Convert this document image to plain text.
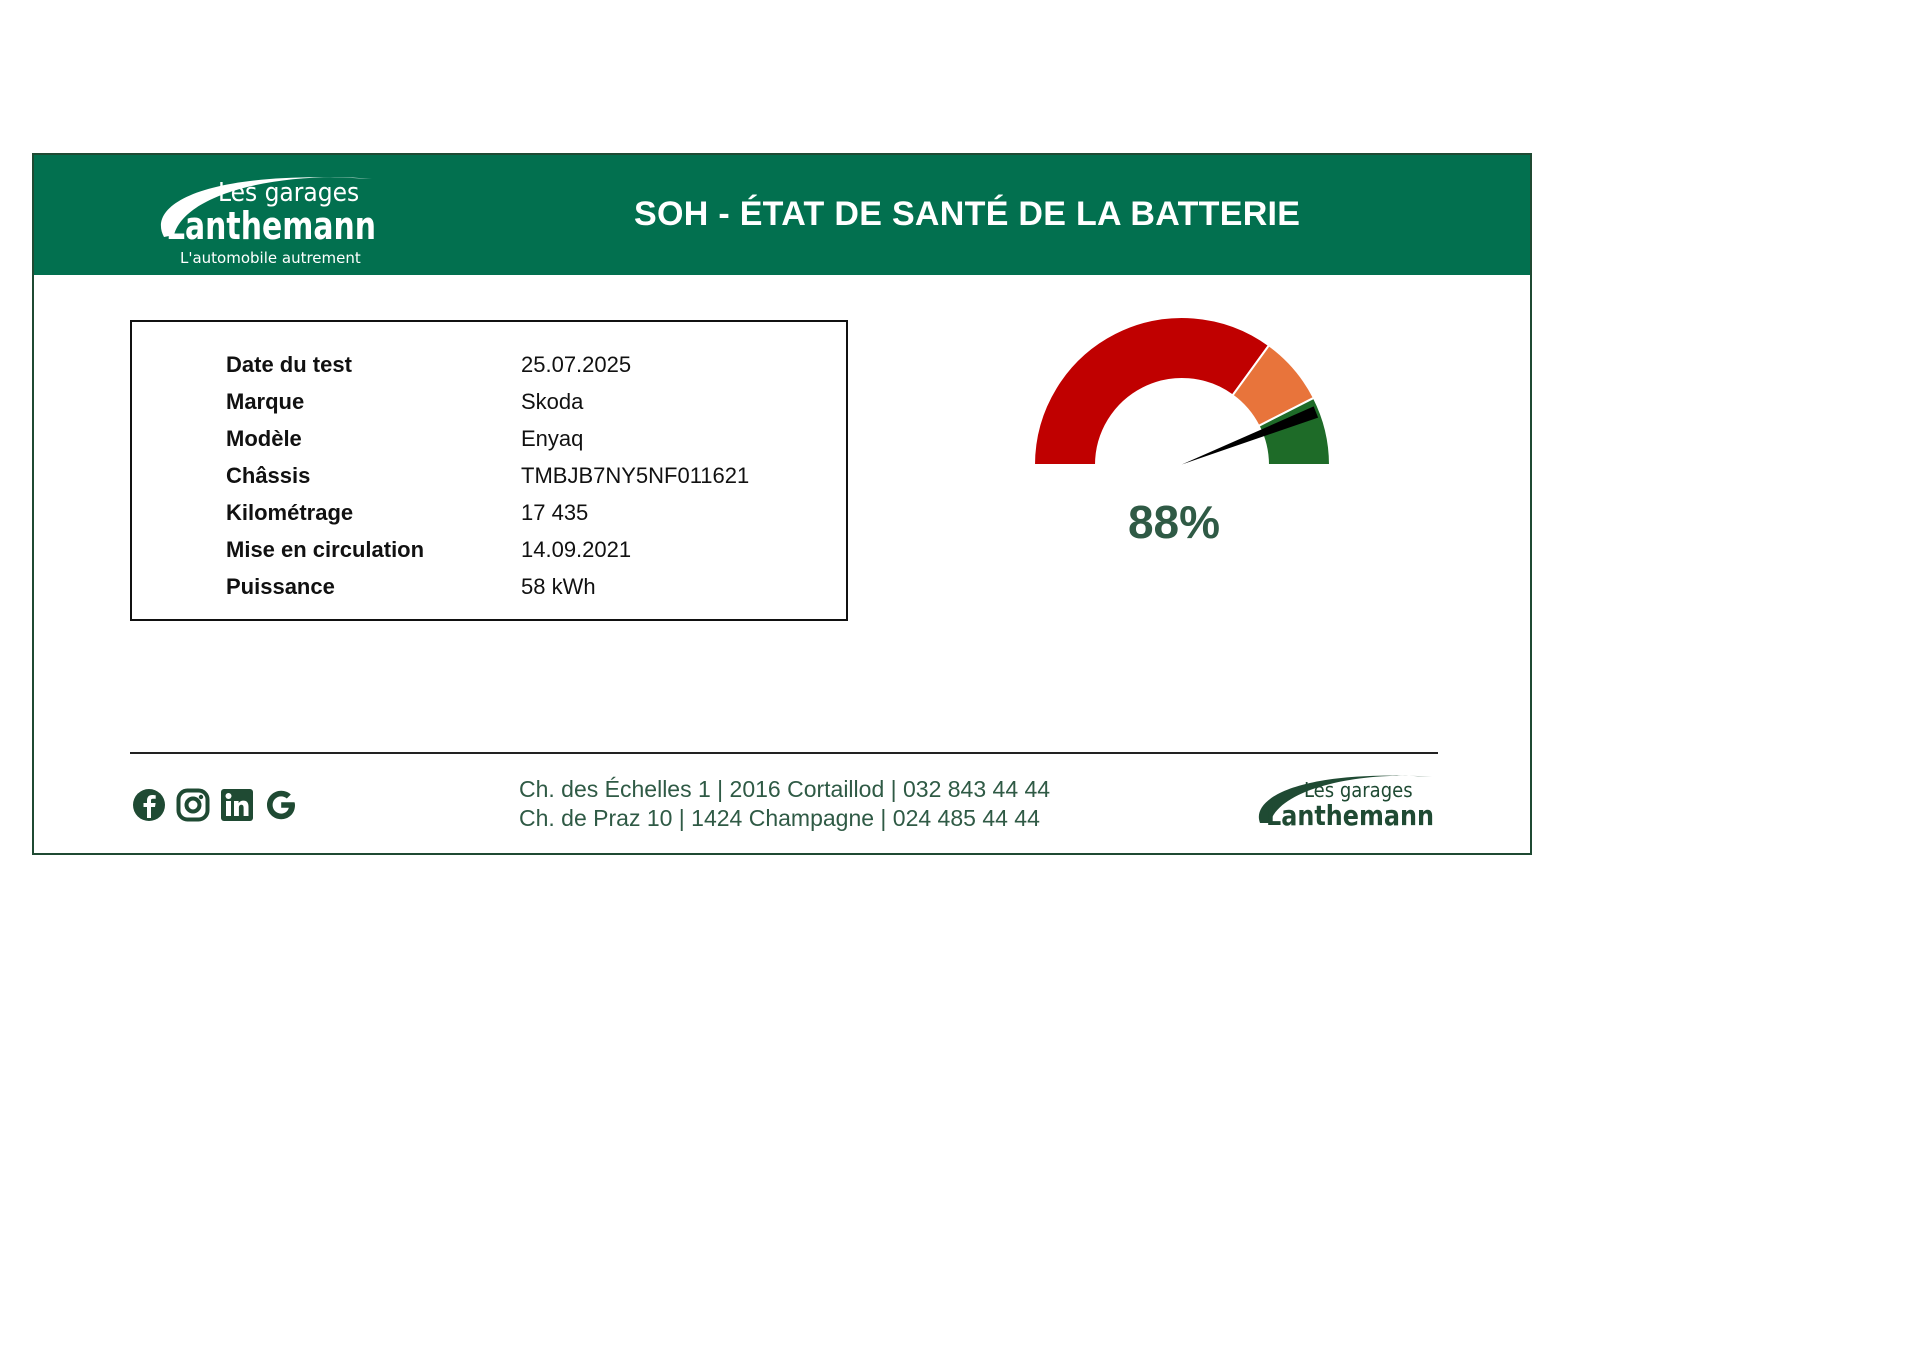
Les garages
Lanthemann
L'automobile autrement
SOH - ÉTAT DE SANTÉ DE LA BATTERIE
Date du test	25.07.2025
Marque	Skoda
Modèle	Enyaq
Châssis	TMBJB7NY5NF011621
Kilométrage	17 435
Mise en circulation	14.09.2021
Puissance	58 kWh
88%
Ch. des Échelles 1 | 2016 Cortaillod | 032 843 44 44
Ch. de Praz 10 | 1424 Champagne | 024 485 44 44
Les garages
Lanthemann
